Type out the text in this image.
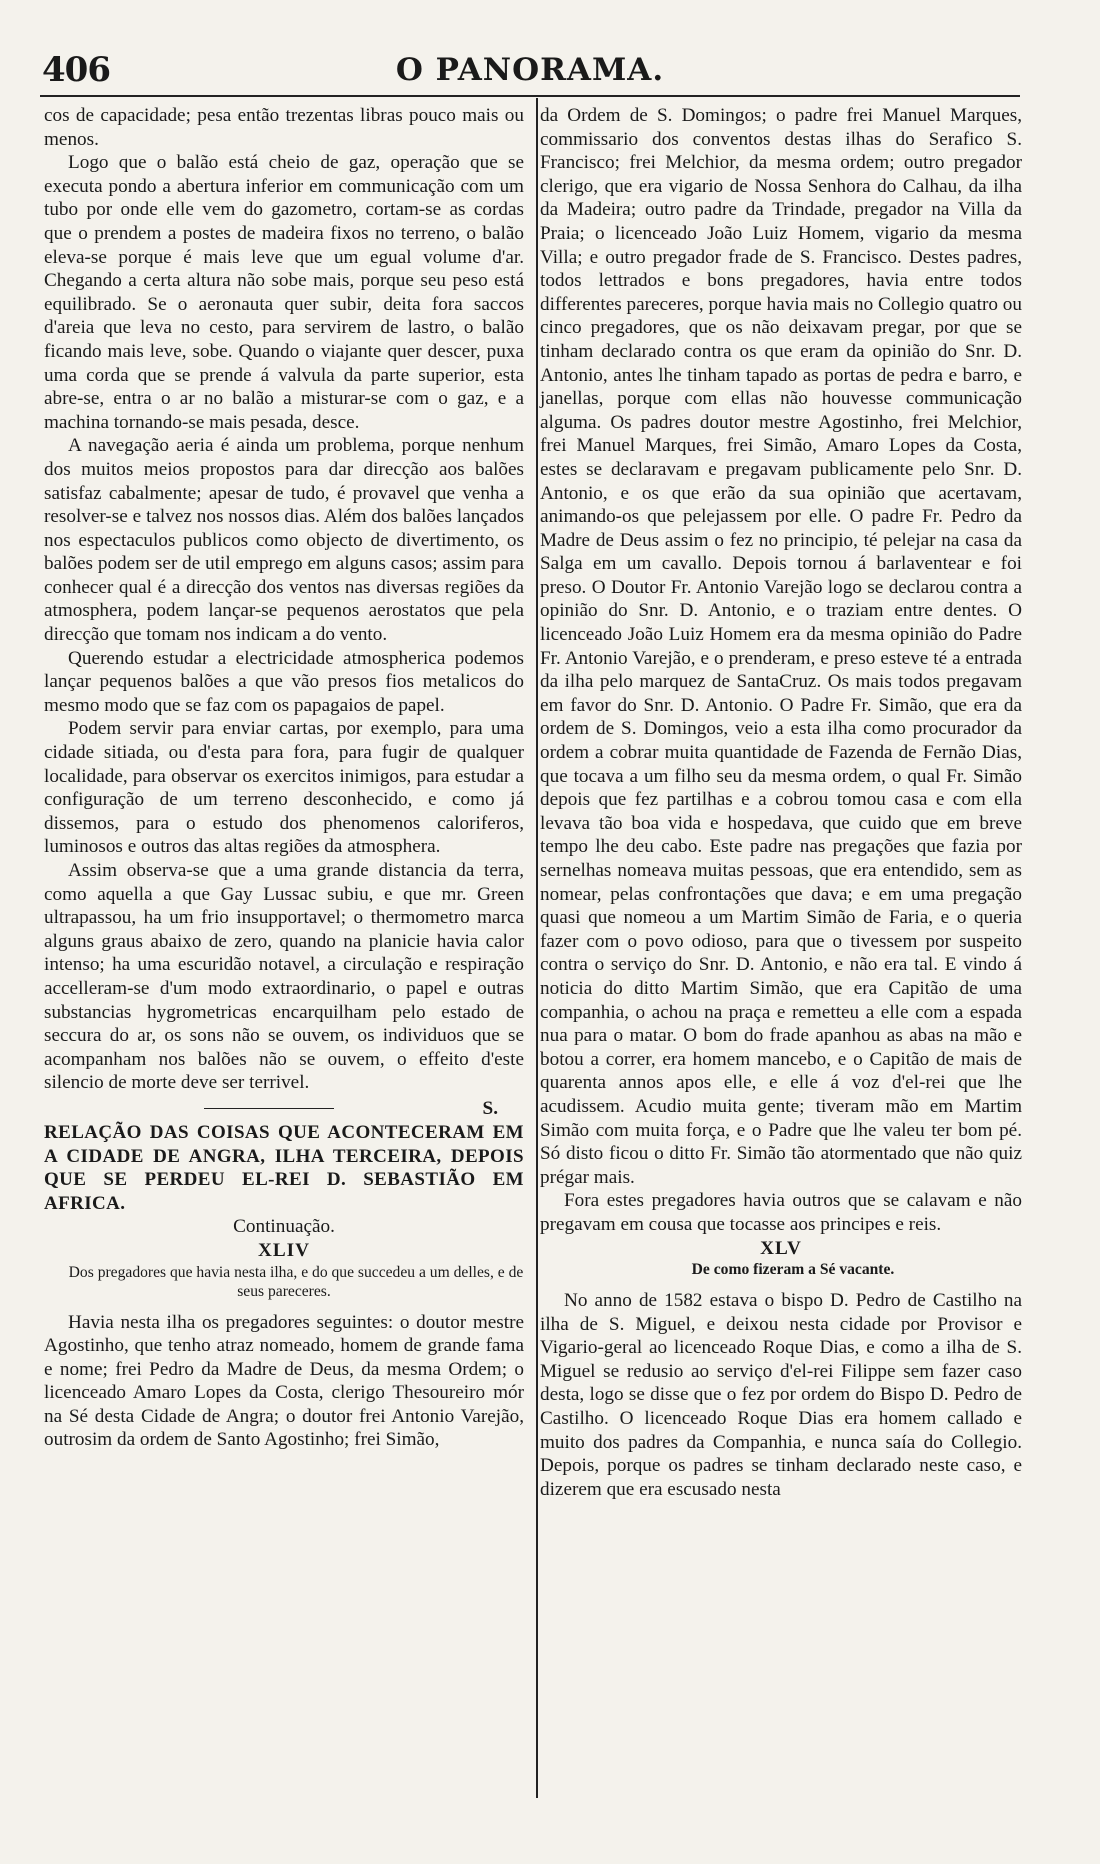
406	O PANORAMA.

cos de capacidade; pesa então trezentas libras pouco mais ou menos.

Logo que o balão está cheio de gaz, operação que se executa pondo a abertura inferior em communicação com um tubo por onde elle vem do gazometro, cortam-se as cordas que o prendem a postes de madeira fixos no terreno, o balão eleva-se porque é mais leve que um egual volume d'ar. Chegando a certa altura não sobe mais, porque seu peso está equilibrado. Se o aeronauta quer subir, deita fora saccos d'areia que leva no cesto, para servirem de lastro, o balão ficando mais leve, sobe. Quando o viajante quer descer, puxa uma corda que se prende á valvula da parte superior, esta abre-se, entra o ar no balão a misturar-se com o gaz, e a machina tornando-se mais pesada, desce.

A navegação aeria é ainda um problema, porque nenhum dos muitos meios propostos para dar direcção aos balões satisfaz cabalmente; apesar de tudo, é provavel que venha a resolver-se e talvez nos nossos dias. Além dos balões lançados nos espectaculos publicos como objecto de divertimento, os balões podem ser de util emprego em alguns casos; assim para conhecer qual é a direcção dos ventos nas diversas regiões da atmosphera, podem lançar-se pequenos aerostatos que pela direcção que tomam nos indicam a do vento.

Querendo estudar a electricidade atmospherica podemos lançar pequenos balões a que vão presos fios metalicos do mesmo modo que se faz com os papagaios de papel.

Podem servir para enviar cartas, por exemplo, para uma cidade sitiada, ou d'esta para fora, para fugir de qualquer localidade, para observar os exercitos inimigos, para estudar a configuração de um terreno desconhecido, e como já dissemos, para o estudo dos phenomenos caloriferos, luminosos e outros das altas regiões da atmosphera.

Assim observa-se que a uma grande distancia da terra, como aquella a que Gay Lussac subiu, e que mr. Green ultrapassou, ha um frio insupportavel; o thermometro marca alguns graus abaixo de zero, quando na planicie havia calor intenso; ha uma escuridão notavel, a circulação e respiração accelleram-se d'um modo extraordinario, o papel e outras substancias hygrometricas encarquilham pelo estado de seccura do ar, os sons não se ouvem, os individuos que se acompanham nos balões não se ouvem, o effeito d'este silencio de morte deve ser terrivel.

S.

RELAÇÃO DAS COISAS QUE ACONTECERAM EM A CIDADE DE ANGRA, ILHA TERCEIRA, DEPOIS QUE SE PERDEU EL-REI D. SEBASTIÃO EM AFRICA.

Continuação.

XLIV

Dos pregadores que havia nesta ilha, e do que succedeu a um delles, e de seus pareceres.

Havia nesta ilha os pregadores seguintes: o doutor mestre Agostinho, que tenho atraz nomeado, homem de grande fama e nome; frei Pedro da Madre de Deus, da mesma Ordem; o licenceado Amaro Lopes da Costa, clerigo Thesoureiro mór na Sé desta Cidade de Angra; o doutor frei Antonio Varejão, outrosim da ordem de Santo Agostinho; frei Simão,

da Ordem de S. Domingos; o padre frei Manuel Marques, commissario dos conventos destas ilhas do Serafico S. Francisco; frei Melchior, da mesma ordem; outro pregador clerigo, que era vigario de Nossa Senhora do Calhau, da ilha da Madeira; outro padre da Trindade, pregador na Villa da Praia; o licenceado João Luiz Homem, vigario da mesma Villa; e outro pregador frade de S. Francisco. Destes padres, todos lettrados e bons pregadores, havia entre todos differentes pareceres, porque havia mais no Collegio quatro ou cinco pregadores, que os não deixavam pregar, por que se tinham declarado contra os que eram da opinião do Snr. D. Antonio, antes lhe tinham tapado as portas de pedra e barro, e janellas, porque com ellas não houvesse communicação alguma. Os padres doutor mestre Agostinho, frei Melchior, frei Manuel Marques, frei Simão, Amaro Lopes da Costa, estes se declaravam e pregavam publicamente pelo Snr. D. Antonio, e os que erão da sua opinião que acertavam, animando-os que pelejassem por elle. O padre Fr. Pedro da Madre de Deus assim o fez no principio, té pelejar na casa da Salga em um cavallo. Depois tornou á barlaventear e foi preso. O Doutor Fr. Antonio Varejão logo se declarou contra a opinião do Snr. D. Antonio, e o traziam entre dentes. O licenceado João Luiz Homem era da mesma opinião do Padre Fr. Antonio Varejão, e o prenderam, e preso esteve té a entrada da ilha pelo marquez de SantaCruz. Os mais todos pregavam em favor do Snr. D. Antonio. O Padre Fr. Simão, que era da ordem de S. Domingos, veio a esta ilha como procurador da ordem a cobrar muita quantidade de Fazenda de Fernão Dias, que tocava a um filho seu da mesma ordem, o qual Fr. Simão depois que fez partilhas e a cobrou tomou casa e com ella levava tão boa vida e hospedava, que cuido que em breve tempo lhe deu cabo. Este padre nas pregações que fazia por sernelhas nomeava muitas pessoas, que era entendido, sem as nomear, pelas confrontações que dava; e em uma pregação quasi que nomeou a um Martim Simão de Faria, e o queria fazer com o povo odioso, para que o tivessem por suspeito contra o serviço do Snr. D. Antonio, e não era tal. E vindo á noticia do ditto Martim Simão, que era Capitão de uma companhia, o achou na praça e remetteu a elle com a espada nua para o matar. O bom do frade apanhou as abas na mão e botou a correr, era homem mancebo, e o Capitão de mais de quarenta annos apos elle, e elle á voz d'el-rei que lhe acudissem. Acudio muita gente; tiveram mão em Martim Simão com muita força, e o Padre que lhe valeu ter bom pé. Só disto ficou o ditto Fr. Simão tão atormentado que não quiz prégar mais.

Fora estes pregadores havia outros que se calavam e não pregavam em cousa que tocasse aos principes e reis.

XLV

De como fizeram a Sé vacante.

No anno de 1582 estava o bispo D. Pedro de Castilho na ilha de S. Miguel, e deixou nesta cidade por Provisor e Vigario-geral ao licenceado Roque Dias, e como a ilha de S. Miguel se redusio ao serviço d'el-rei Filippe sem fazer caso desta, logo se disse que o fez por ordem do Bispo D. Pedro de Castilho. O licenceado Roque Dias era homem callado e muito dos padres da Companhia, e nunca saía do Collegio. Depois, porque os padres se tinham declarado neste caso, e dizerem que era escusado nesta
